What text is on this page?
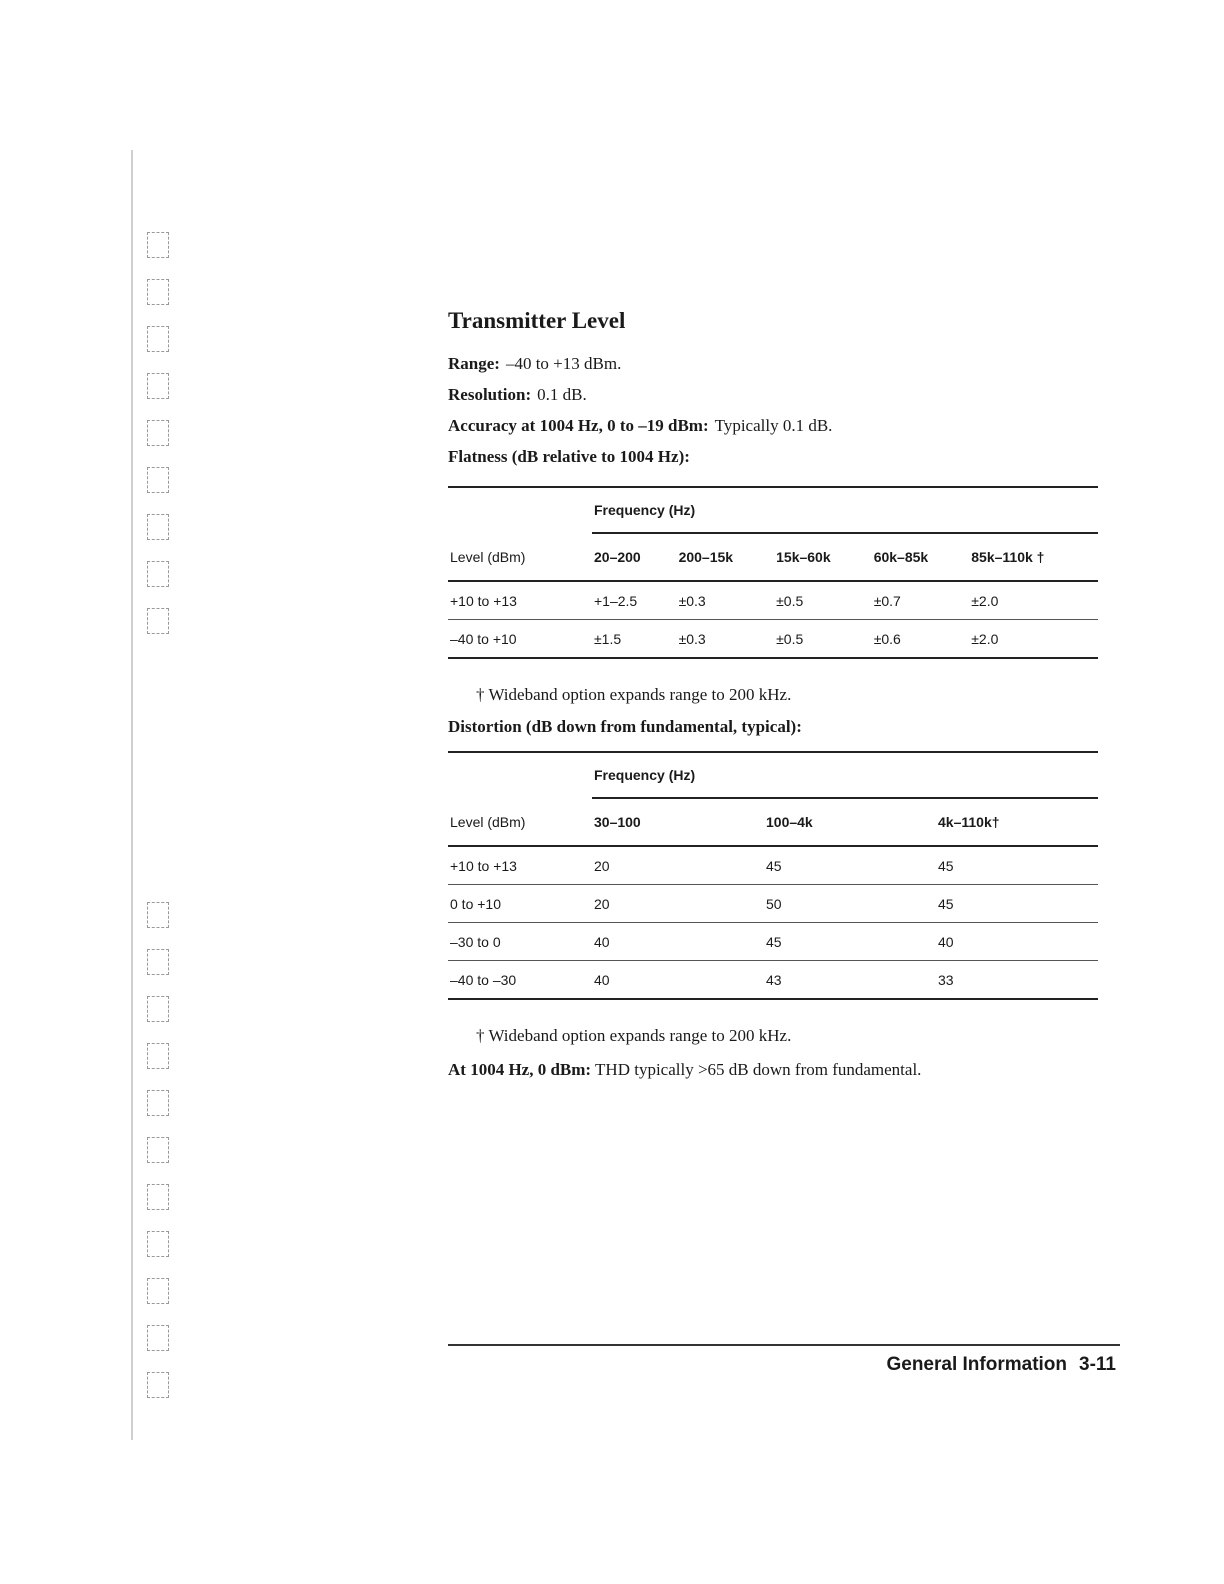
Transmitter Level

Range: –40 to +13 dBm.

Resolution: 0.1 dB.

Accuracy at 1004 Hz, 0 to –19 dBm: Typically 0.1 dB.

Flatness (dB relative to 1004 Hz):

	Frequency (Hz)				
Level (dBm)	20–200	200–15k	15k–60k	60k–85k	85k–110k †
+10 to +13	+1–2.5	±0.3	±0.5	±0.7	±2.0
–40 to +10	±1.5	±0.3	±0.5	±0.6	±2.0

† Wideband option expands range to 200 kHz.

Distortion (dB down from fundamental, typical):

	Frequency (Hz)		
Level (dBm)	30–100	100–4k	4k–110k†
+10 to +13	20	45	45
0 to +10	20	50	45
–30 to 0	40	45	40
–40 to –30	40	43	33

† Wideband option expands range to 200 kHz.

At 1004 Hz, 0 dBm: THD typically >65 dB down from fundamental.

General Information 3-11
